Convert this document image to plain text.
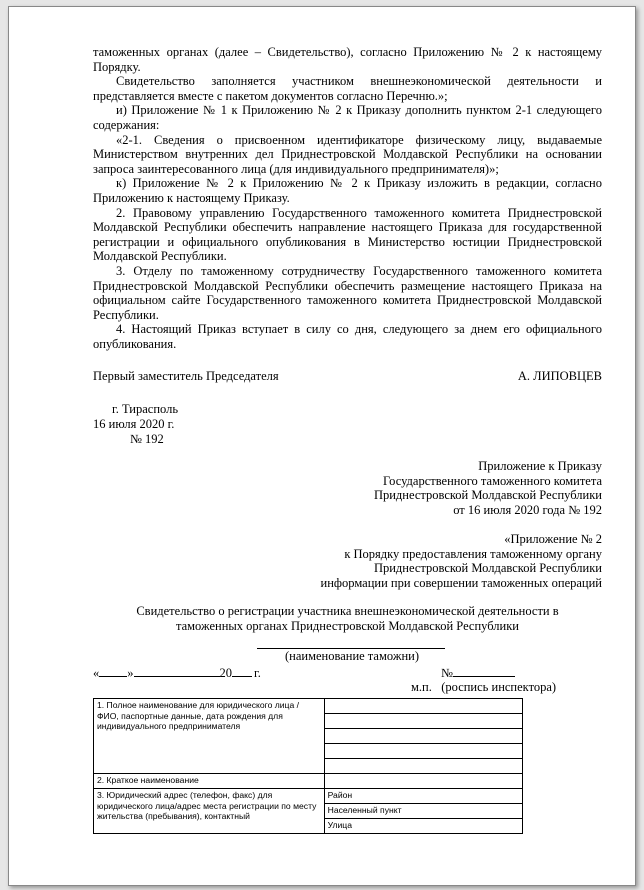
таможенных органах (далее – Свидетельство), согласно Приложению № 2 к настоящему Порядку.

Свидетельство заполняется участником внешнеэкономической деятельности и представляется вместе с пакетом документов согласно Перечню.»;

и) Приложение № 1 к Приложению № 2 к Приказу дополнить пунктом 2-1 следующего содержания:

«2-1. Сведения о присвоенном идентификаторе физическому лицу, выдаваемые Министерством внутренних дел Приднестровской Молдавской Республики на основании запроса заинтересованного лица (для индивидуального предпринимателя)»;

к) Приложение № 2 к Приложению № 2 к Приказу изложить в редакции, согласно Приложению к настоящему Приказу.

2. Правовому управлению Государственного таможенного комитета Приднестровской Молдавской Республики обеспечить направление настоящего Приказа для государственной регистрации и официального опубликования в Министерство юстиции Приднестровской Молдавской Республики.

3. Отделу по таможенному сотрудничеству Государственного таможенного комитета Приднестровской Молдавской Республики обеспечить размещение настоящего Приказа на официальном сайте Государственного таможенного комитета Приднестровской Молдавской Республики.

4. Настоящий Приказ вступает в силу со дня, следующего за днем его официального опубликования.

Первый заместитель Председателя	А. ЛИПОВЦЕВ
г. Тирасполь
16 июля 2020 г.
№ 192
Приложение к Приказу
Государственного таможенного комитета
Приднестровской Молдавской Республики
от 16 июля 2020 года № 192
«Приложение № 2
к Порядку предоставления таможенному органу
Приднестровской Молдавской Республики
информации при совершении таможенных операций
Свидетельство о регистрации участника внешнеэкономической деятельности в
таможенных органах Приднестровской Молдавской Республики
(наименование таможни)
« »	20 г.	№
м.п.   (роспись инспектора)
1. Полное наименование для юридического лица /ФИО, паспортные данные, дата рождения для индивидуального предпринимателя	

2. Краткое наименование	
3. Юридический адрес (телефон, факс) для юридического лица/адрес места регистрации по месту жительства (пребывания), контактный	Район
	Населенный пункт
	Улица
